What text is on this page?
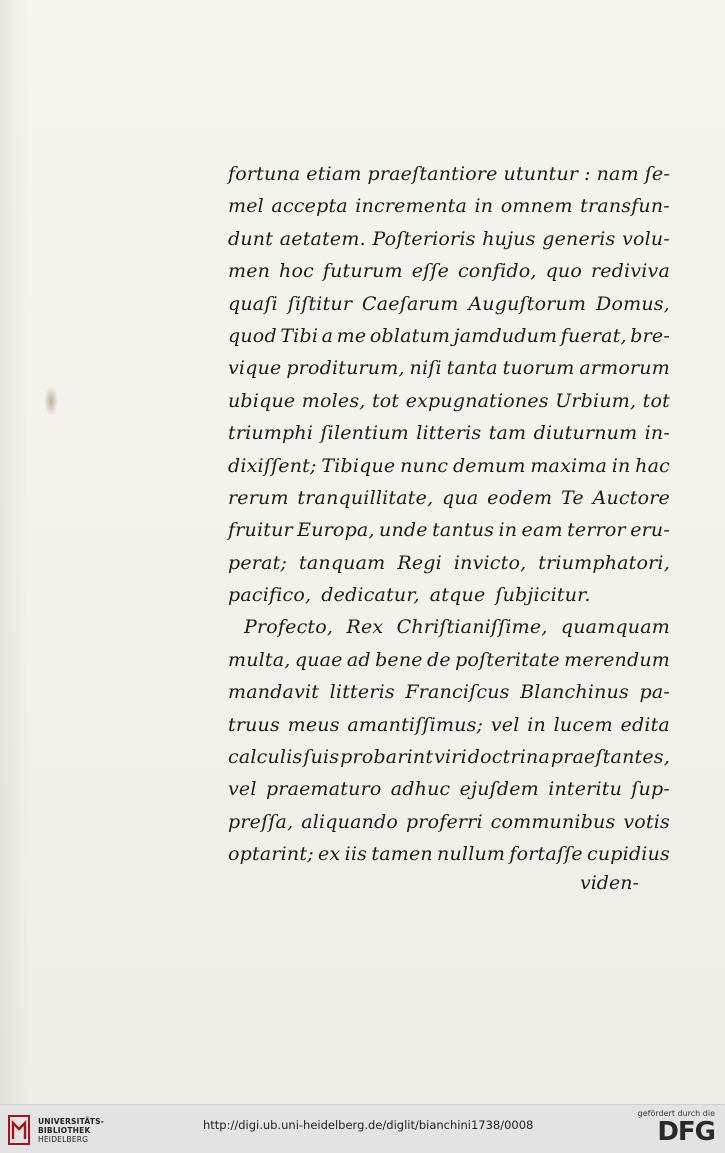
fortuna etiam praeſtantiore utuntur : nam ſe-
mel accepta incrementa in omnem transfun-
dunt aetatem. Poſterioris hujus generis volu-
men hoc futurum eſſe confido, quo rediviva
quaſi ſiſtitur Caeſarum Auguſtorum Domus,
quod Tibi a me oblatum jamdudum fuerat, bre-
vique proditurum, niſi tanta tuorum armorum
ubique moles, tot expugnationes Urbium, tot
triumphi ſilentium litteris tam diuturnum in-
dixiſſent; Tibique nunc demum maxima in hac
rerum tranquillitate, qua eodem Te Auctore
fruitur Europa, unde tantus in eam terror eru-
perat; tanquam Regi invicto, triumphatori,
pacifico, dedicatur, atque ſubjicitur.
Profecto, Rex Chriſtianiſſime, quamquam
multa, quae ad bene de poſteritate merendum
mandavit litteris Franciſcus Blanchinus pa-
truus meus amantiſſimus; vel in lucem edita
calculis ſuis probarint viri doctrina praeſtantes,
vel praematuro adhuc ejuſdem interitu ſup-
preſſa, aliquando proferri communibus votis
optarint; ex iis tamen nullum fortaſſe cupidius
viden-
UNIVERSITÄTS-
BIBLIOTHEK
HEIDELBERG
http://digi.ub.uni-heidelberg.de/diglit/bianchini1738/0008
gefördert durch die
DFG
